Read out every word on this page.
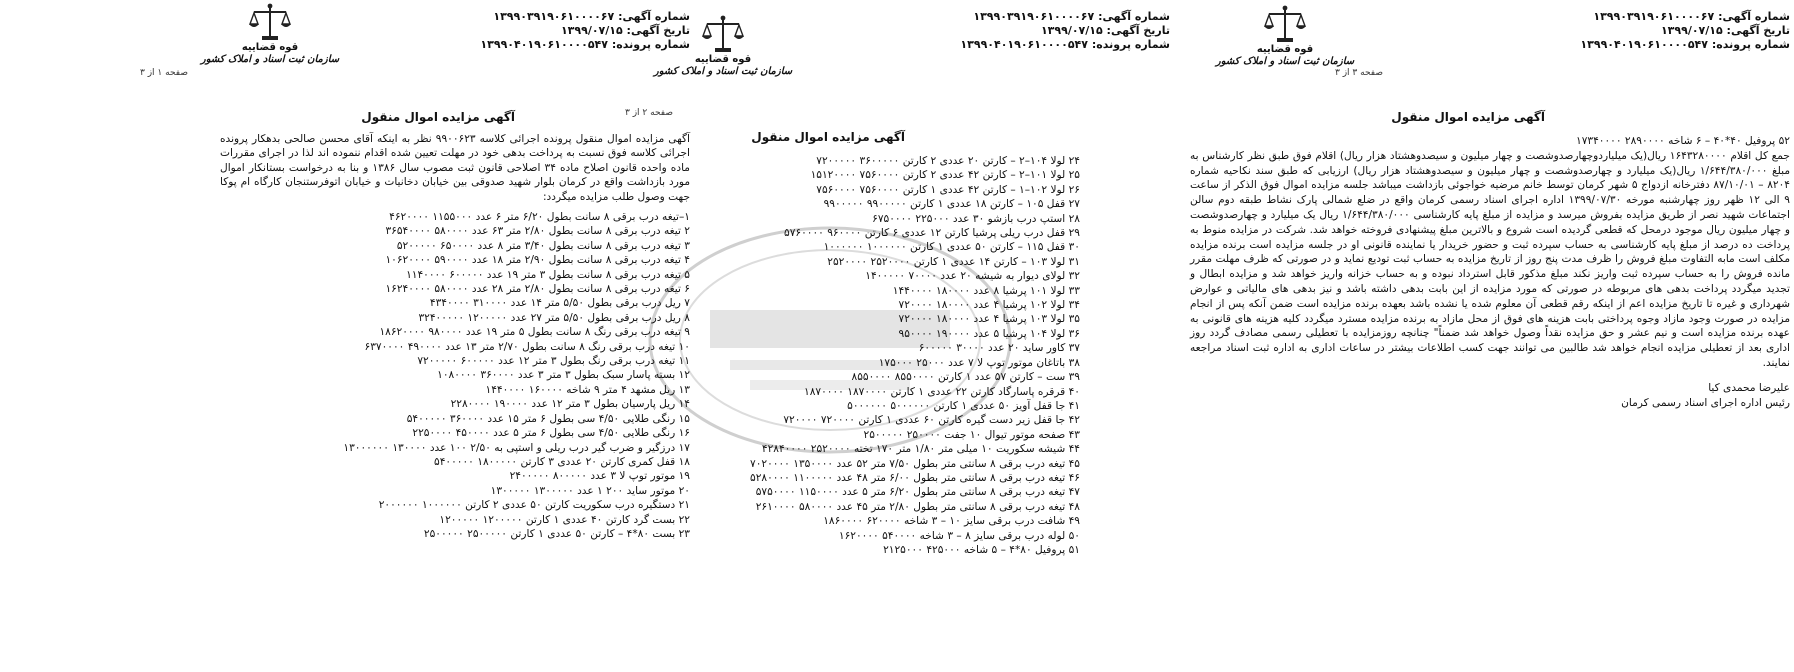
شماره آگهی: ۱۳۹۹۰۳۹۱۹۰۶۱۰۰۰۰۶۷
تاریخ آگهی: ۱۳۹۹/۰۷/۱۵
شماره پرونده: ۱۳۹۹۰۴۰۱۹۰۶۱۰۰۰۰۵۴۷
قوه قضاییه
سازمان ثبت اسناد و املاک کشور
صفحه ۳ از ۳
آگهی مزایده اموال منقول

۵۲ پروفیل ۴۰*۴۰ – ۶ شاخه ۲۸۹۰۰۰۰ ۱۷۳۴۰۰۰۰

جمع کل اقلام ۱۶۴۳۲۸۰۰۰۰ ریال(یک میلیاردوچهارصدوشصت و چهار میلیون و سیصدوهشتاد هزار ریال) اقلام فوق طبق نظر کارشناس به مبلغ ۱/۶۴۴/۳۸۰/۰۰۰ ریال(یک میلیارد و چهارصدوشصت و چهار میلیون و سیصدوهشتاد هزار ریال) ارزیابی که طبق سند نکاحیه شماره ۸۲۰۴ – ۸۷/۱۰/۰۱ دفترخانه ازدواج ۵ شهر کرمان توسط خانم مرضیه خواجوئی بازداشت میباشد جلسه مزایده اموال فوق الذکر از ساعت ۹ الی ۱۲ ظهر روز چهارشنبه مورخه ۱۳۹۹/۰۷/۳۰ اداره اجرای اسناد رسمی کرمان واقع در ضلع شمالی پارک نشاط طبقه دوم سالن اجتماعات شهید نصر از طریق مزایده بفروش میرسد و مزایده از مبلغ پایه کارشناسی ۱/۶۴۴/۳۸۰/۰۰۰ ریال یک میلیارد و چهارصدوشصت و چهار میلیون ریال موجود درمحل که قطعی گردیده است شروع و بالاترین مبلغ پیشنهادی فروخته خواهد شد. شرکت در مزایده منوط به پرداخت ده درصد از مبلغ پایه کارشناسی به حساب سپرده ثبت و حضور خریدار یا نماینده قانونی او در جلسه مزایده است برنده مزایده مکلف است مابه التفاوت مبلغ فروش را ظرف مدت پنج روز از تاریخ مزایده به حساب ثبت تودیع نماید و در صورتی که ظرف مهلت مقرر مانده فروش را به حساب سپرده ثبت واریز نکند مبلغ مذکور قابل استرداد نبوده و به حساب خزانه واریز خواهد شد و مزایده ابطال و تجدید میگردد پرداخت بدهی های مربوطه در صورتی که مورد مزایده از این بابت بدهی داشته باشد و نیز بدهی های مالیاتی و عوارض شهرداری و غیره تا تاریخ مزایده اعم از اینکه رقم قطعی آن معلوم شده یا نشده باشد بعهده برنده مزایده است ضمن آنکه پس از انجام مزایده در صورت وجود مازاد وجوه پرداختی بابت هزینه های فوق از محل مازاد به برنده مزایده مسترد میگردد کلیه هزینه های قانونی به عهده برنده مزایده است و نیم عشر و حق مزایده نقداً وصول خواهد شد ضمناً" چنانچه روزمزایده با تعطیلی رسمی مصادف گردد روز اداری بعد از تعطیلی مزایده انجام خواهد شد طالبین می توانند جهت کسب اطلاعات بیشتر در ساعات اداری به اداره ثبت اسناد مراجعه نمایند.

علیرضا محمدی کیا
رئیس اداره اجرای اسناد رسمی کرمان
شماره آگهی: ۱۳۹۹۰۳۹۱۹۰۶۱۰۰۰۰۶۷
تاریخ آگهی: ۱۳۹۹/۰۷/۱۵
شماره پرونده: ۱۳۹۹۰۴۰۱۹۰۶۱۰۰۰۰۵۴۷
قوه قضاییه
سازمان ثبت اسناد و املاک کشور
صفحه ۲ از ۳
آگهی مزایده اموال منقول
۲۴ لولا ۱۰۴–۲ – کارتن ۲۰ عددی ۲ کارتن ۳۶۰۰۰۰۰ ۷۲۰۰۰۰۰
۲۵ لولا ۱۰۱–۲ – کارتن ۴۲ عددی ۲ کارتن ۷۵۶۰۰۰۰ ۱۵۱۲۰۰۰۰
۲۶ لولا ۱۰۲–۱ – کارتن ۴۲ عددی ۱ کارتن ۷۵۶۰۰۰۰ ۷۵۶۰۰۰۰
۲۷ قفل ۱۰۵ – کارتن ۱۸ عددی ۱ کارتن ۹۹۰۰۰۰۰ ۹۹۰۰۰۰۰
۲۸ استپ درب بازشو ۳۰ عدد ۲۲۵۰۰۰ ۶۷۵۰۰۰۰
۲۹ قفل درب ریلی پرشیا کارتن ۱۲ عددی ۶ کارتن ۹۶۰۰۰۰ ۵۷۶۰۰۰۰
۳۰ قفل ۱۱۵ – کارتن ۵۰ عددی ۱ کارتن ۱۰۰۰۰۰۰ ۱۰۰۰۰۰۰
۳۱ لولا ۱۰۳ – کارتن ۱۴ عددی ۱ کارتن ۲۵۲۰۰۰۰ ۲۵۲۰۰۰۰
۳۲ لولای دیوار به شیشه ۲۰ عدد ۷۰۰۰۰ ۱۴۰۰۰۰۰
۳۳ لولا ۱۰۱ پرشیا ۸ عدد ۱۸۰۰۰۰ ۱۴۴۰۰۰۰
۳۴ لولا ۱۰۲ پرشیا ۴ عدد ۱۸۰۰۰۰ ۷۲۰۰۰۰
۳۵ لولا ۱۰۳ پرشیا ۴ عدد ۱۸۰۰۰۰ ۷۲۰۰۰۰
۳۶ لولا ۱۰۴ پرشیا ۵ عدد ۱۹۰۰۰۰ ۹۵۰۰۰۰
۳۷ کاور ساید ۲۰ عدد ۳۰۰۰۰ ۶۰۰۰۰۰
۳۸ باتاغان موتور توپ لا ۷ عدد ۲۵۰۰۰ ۱۷۵۰۰۰
۳۹ ست – کارتن ۵۷ عدد ۱ کارتن ۸۵۵۰۰۰۰ ۸۵۵۰۰۰۰
۴۰ قرقره پاسارگاد کارتن ۲۲ عددی ۱ کارتن ۱۸۷۰۰۰۰ ۱۸۷۰۰۰۰
۴۱ جا قفل آویز ۵۰ عددی ۱ کارتن ۵۰۰۰۰۰۰ ۵۰۰۰۰۰۰
۴۲ جا قفل زیر دست گیره کارتن ۶۰ عددی ۱ کارتن ۷۲۰۰۰۰ ۷۲۰۰۰۰
۴۳ صفحه موتور تیوال ۱۰ جفت ۲۵۰۰۰۰ ۲۵۰۰۰۰۰
۴۴ شیشه سکوریت ۱۰ میلی متر ۱/۸۰ متر ۱۷۰ تخته ۲۵۲۰۰۰۰ ۴۲۸۴۰۰۰۰
۴۵ تیغه درب برقی ۸ سانتی متر بطول ۷/۵۰ متر ۵۲ عدد ۱۳۵۰۰۰۰ ۷۰۲۰۰۰۰
۴۶ تیغه درب برقی ۸ سانتی متر بطول ۶/۰۰ متر ۴۸ عدد ۱۱۰۰۰۰۰ ۵۲۸۰۰۰۰
۴۷ تیغه درب برقی ۸ سانتی متر بطول ۶/۲۰ متر ۵ عدد ۱۱۵۰۰۰۰ ۵۷۵۰۰۰۰
۴۸ تیغه درب برقی ۸ سانتی متر بطول ۲/۸۰ متر ۴۵ عدد ۵۸۰۰۰۰ ۲۶۱۰۰۰۰
۴۹ شافت درب برقی سایز ۱۰ – ۳ شاخه ۶۲۰۰۰۰ ۱۸۶۰۰۰۰
۵۰ لوله درب برقی سایز ۸ – ۳ شاخه ۵۴۰۰۰۰ ۱۶۲۰۰۰۰
۵۱ پروفیل ۸۰*۴ – ۵ شاخه ۴۲۵۰۰۰ ۲۱۲۵۰۰۰
شماره آگهی: ۱۳۹۹۰۳۹۱۹۰۶۱۰۰۰۰۶۷
تاریخ آگهی: ۱۳۹۹/۰۷/۱۵
شماره پرونده: ۱۳۹۹۰۴۰۱۹۰۶۱۰۰۰۰۵۴۷
قوه قضاییه
سازمان ثبت اسناد و املاک کشور
صفحه ۱ از ۳
آگهی مزایده اموال منقول
آگهی مزایده اموال منقول پرونده اجرائی کلاسه ۹۹۰۰۶۲۳ نظر به اینکه آقای محسن صالحی بدهکار پرونده اجرائی کلاسه فوق نسبت به پرداخت بدهی خود در مهلت تعیین شده اقدام ننموده اند لذا در اجرای مقررات ماده واحده قانون اصلاح ماده ۳۴ اصلاحی قانون ثبت مصوب سال ۱۳۸۶ و بنا به درخواست بستانکار اموال مورد بازداشت واقع در کرمان بلوار شهید صدوقی بین خیابان دخانیات و خیابان اتوفرستنجان کارگاه ام پوکا جهت وصول طلب مزایده میگردد:
۱–تیغه درب برقی ۸ سانت بطول ۶/۲۰ متر ۶ عدد ۱۱۵۵۰۰۰ ۴۶۲۰۰۰۰
۲ تیغه درب برقی ۸ سانت بطول ۲/۸۰ متر ۶۳ عدد ۵۸۰۰۰۰ ۳۶۵۴۰۰۰۰
۳ تیغه درب برقی ۸ سانت بطول ۳/۴۰ متر ۸ عدد ۶۵۰۰۰۰ ۵۲۰۰۰۰۰
۴ تیغه درب برقی ۸ سانت بطول ۲/۹۰ متر ۱۸ عدد ۵۹۰۰۰۰ ۱۰۶۲۰۰۰۰
۵ تیغه درب برقی ۸ سانت بطول ۳ متر ۱۹ عدد ۶۰۰۰۰۰ ۱۱۴۰۰۰۰
۶ تیغه درب برقی ۸ سانت بطول ۲/۸۰ متر ۲۸ عدد ۵۸۰۰۰۰ ۱۶۲۴۰۰۰۰
۷ ریل درب برقی بطول ۵/۵۰ متر ۱۴ عدد ۳۱۰۰۰۰ ۴۳۴۰۰۰۰
۸ ریل درب برقی بطول ۵/۵۰ متر ۲۷ عدد ۱۲۰۰۰۰۰ ۳۲۴۰۰۰۰۰
۹ تیغه درب برقی رنگ ۸ سانت بطول ۵ متر ۱۹ عدد ۹۸۰۰۰۰ ۱۸۶۲۰۰۰۰
۱۰ تیغه درب برقی رنگ ۸ سانت بطول ۲/۷۰ متر ۱۳ عدد ۴۹۰۰۰۰ ۶۳۷۰۰۰۰
۱۱ تیغه درب برقی رنگ بطول ۳ متر ۱۲ عدد ۶۰۰۰۰۰ ۷۲۰۰۰۰۰
۱۲ بسته پاسار سبک بطول ۳ متر ۳ عدد ۳۶۰۰۰۰ ۱۰۸۰۰۰۰
۱۳ ریل مشهد ۴ متر ۹ شاخه ۱۶۰۰۰۰ ۱۴۴۰۰۰۰
۱۴ ریل پارسیان بطول ۳ متر ۱۲ عدد ۱۹۰۰۰۰ ۲۲۸۰۰۰۰
۱۵ رنگی طلایی ۴/۵۰ سی بطول ۶ متر ۱۵ عدد ۳۶۰۰۰۰ ۵۴۰۰۰۰۰
۱۶ رنگی طلایی ۴/۵۰ سی بطول ۶ متر ۵ عدد ۴۵۰۰۰۰ ۲۲۵۰۰۰۰
۱۷ درزگیر و ضرب گیر درب ریلی و استپی به ۲/۵۰ ۱۰۰ عدد ۱۳۰۰۰۰ ۱۳۰۰۰۰۰۰
۱۸ قفل کمری کارتن ۲۰ عددی ۳ کارتن ۱۸۰۰۰۰۰ ۵۴۰۰۰۰۰
۱۹ موتور توپ لا ۳ عدد ۸۰۰۰۰۰ ۲۴۰۰۰۰۰
۲۰ موتور ساید ۲۰۰ ۱ عدد ۱۳۰۰۰۰۰ ۱۳۰۰۰۰۰
۲۱ دستگیره درب سکوریت کارتن ۵۰ عددی ۲ کارتن ۱۰۰۰۰۰۰ ۲۰۰۰۰۰۰
۲۲ بست گرد کارتن ۴۰ عددی ۱ کارتن ۱۲۰۰۰۰۰ ۱۲۰۰۰۰۰
۲۳ بست ۸۰*۴ – کارتن ۵۰ عددی ۱ کارتن ۲۵۰۰۰۰۰ ۲۵۰۰۰۰۰
